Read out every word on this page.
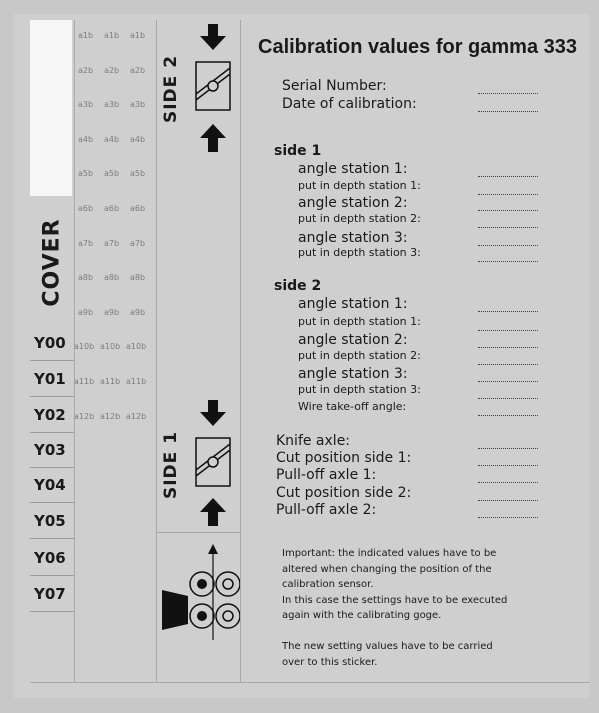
COVER
Y00
Y01
Y02
Y03
Y04
Y05
Y06
Y07
a1b a1b a1b
a2b a2b a2b
a3b a3b a3b
a4b a4b a4b
a5b a5b a5b
a6b a6b a6b
a7b a7b a7b
a8b a8b a8b
a9b a9b a9b
a10b a10b a10b
a11b a11b a11b
a12b a12b a12b
SIDE 2
SIDE 1
Calibration values for gamma 333
Serial Number:
Date of calibration:
side 1
angle station 1:
put in depth station 1:
angle station 2:
put in depth station 2:
angle station 3:
put in depth station 3:
side 2
angle station 1:
put in depth station 1:
angle station 2:
put in depth station 2:
angle station 3:
put in depth station 3:
Wire take-off angle:
Knife axle:
Cut position side 1:
Pull-off axle 1:
Cut position side 2:
Pull-off axle 2:

Important: the indicated values have to be

altered when changing the position of the

calibration sensor.

In this case the settings have to be executed

again with the calibrating goge.

The new setting values have to be carried

over to this sticker.
